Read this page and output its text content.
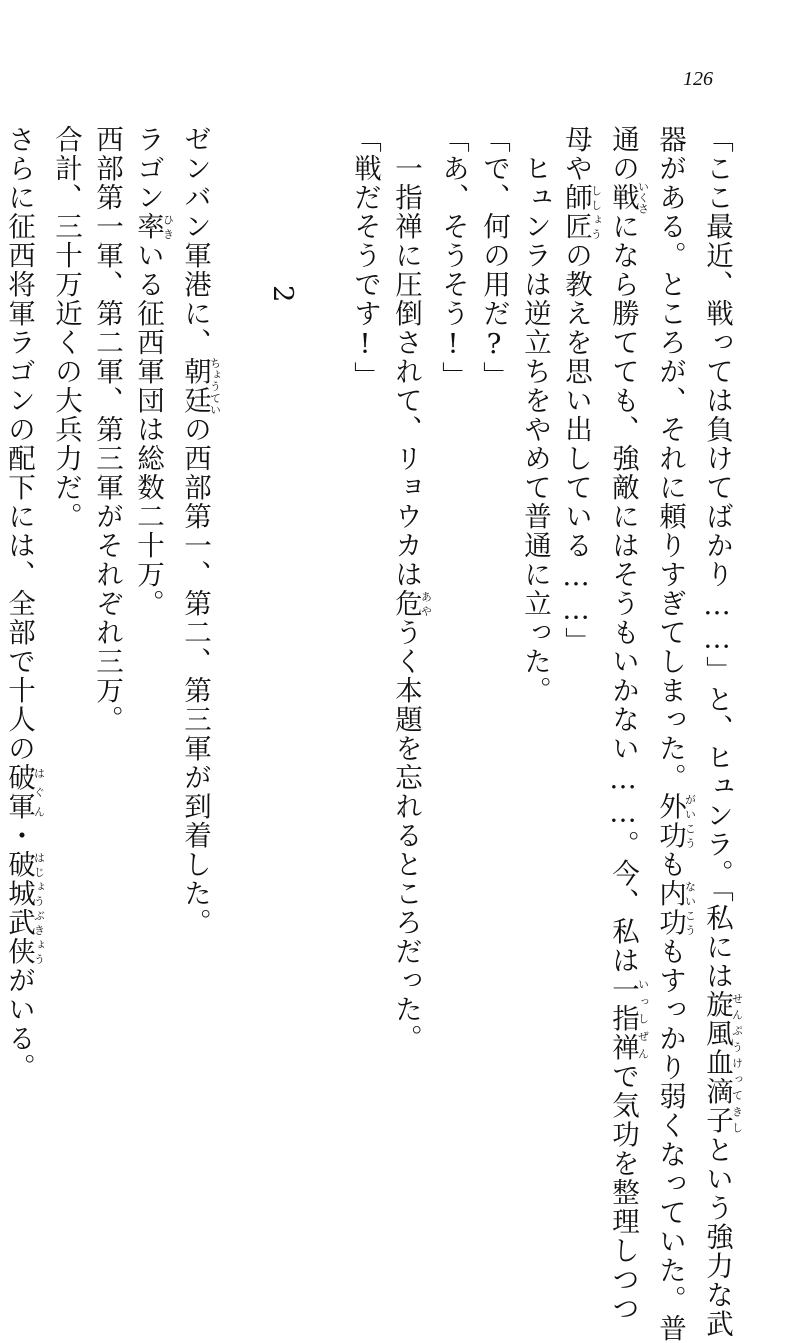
126
「ここ最近、戦っては負けてばかり……」と、ヒュンラ。「私には旋風血滴子せんぷうけってきしという強力な武
器がある。ところが、それに頼りすぎてしまった。外功がいこうも内功ないこうもすっかり弱くなっていた。普
通の戦いくさになら勝てても、強敵にはそうもいかない……。今、私は一指禅いっしぜんで気功を整理しつつ
母や師匠ししょうの教えを思い出している……」
　ヒュンラは逆立ちをやめて普通に立った。
「で、何の用だ?」
「あ、そうそう!」
　一指禅に圧倒されて、リョウカは危あやうく本題を忘れるところだった。
「戦だそうです!」

2

ゼンバン軍港に、朝廷ちょうていの西部第一、第二、第三軍が到着した。
ラゴン率ひきいる征西軍団は総数二十万。
西部第一軍、第二軍、第三軍がそれぞれ三万。
合計、三十万近くの大兵力だ。
さらに征西将軍ラゴンの配下には、全部で十人の破軍はぐん・破城はじょう武侠ぶきょうがいる。
